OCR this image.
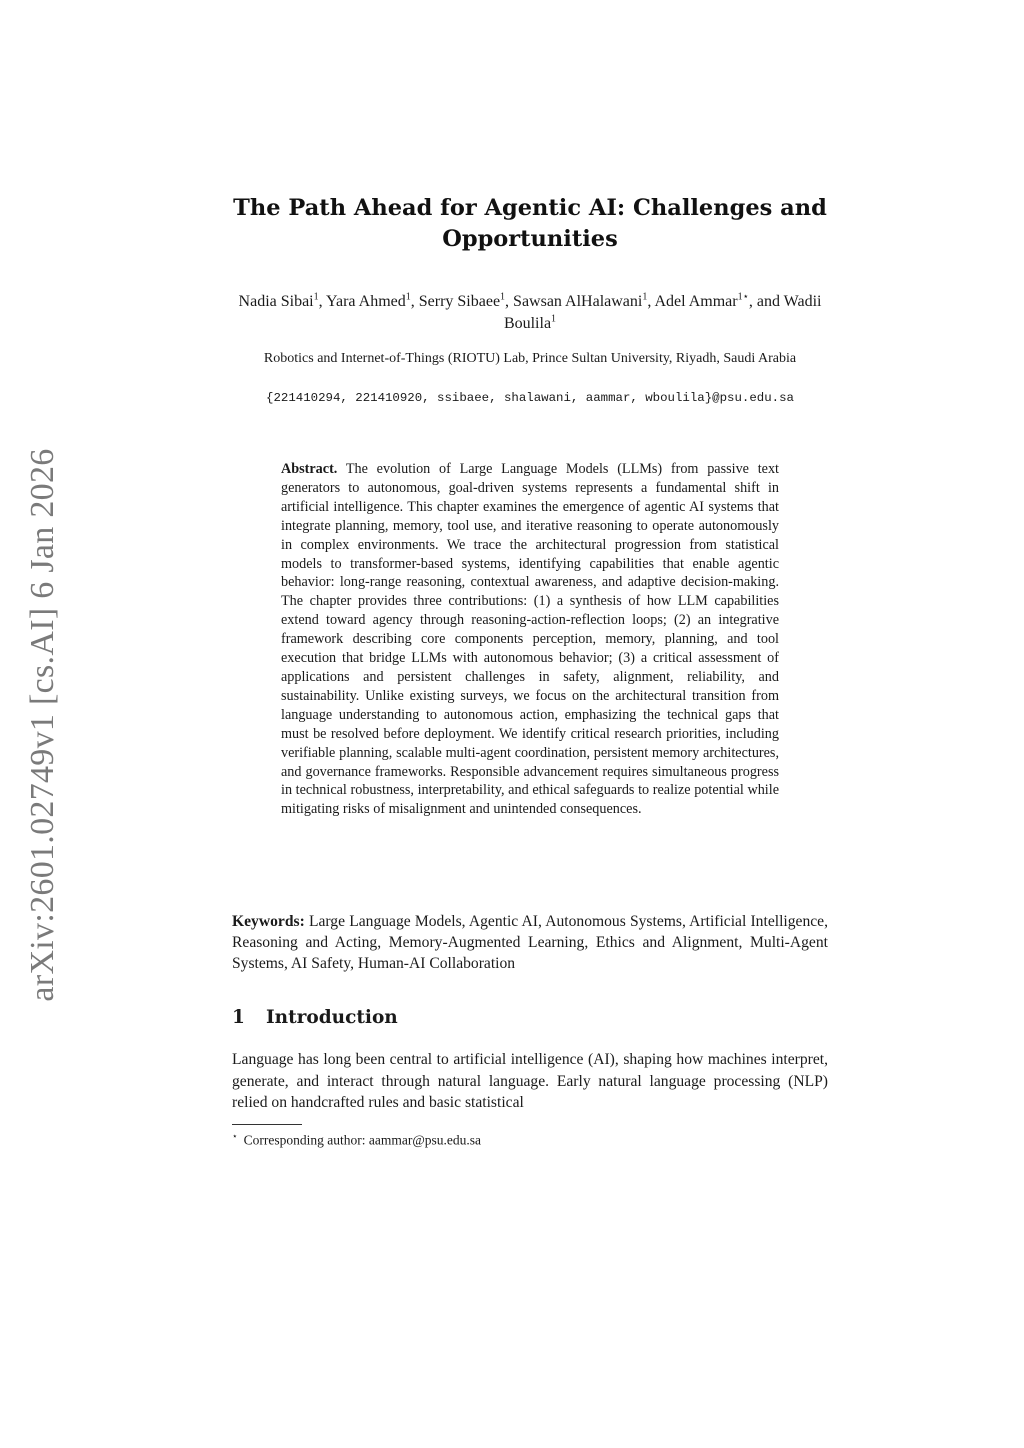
arXiv:2601.02749v1 [cs.AI] 6 Jan 2026
The Path Ahead for Agentic AI: Challenges and Opportunities
Nadia Sibai$^1$, Yara Ahmed$^1$, Serry Sibaee$^1$, Sawsan AlHalawani$^1$, Adel Ammar$^{1⋆}$, and Wadii Boulila$^1$
Robotics and Internet-of-Things (RIOTU) Lab, Prince Sultan University, Riyadh, Saudi Arabia
{221410294, 221410920, ssibaee, shalawani, aammar, wboulila}@psu.edu.sa
Abstract. The evolution of Large Language Models (LLMs) from passive text generators to autonomous, goal-driven systems represents a fundamental shift in artificial intelligence. This chapter examines the emergence of agentic AI systems that integrate planning, memory, tool use, and iterative reasoning to operate autonomously in complex environments. We trace the architectural progression from statistical models to transformer-based systems, identifying capabilities that enable agentic behavior: long-range reasoning, contextual awareness, and adaptive decision-making. The chapter provides three contributions: (1) a synthesis of how LLM capabilities extend toward agency through reasoning-action-reflection loops; (2) an integrative framework describing core components perception, memory, planning, and tool execution that bridge LLMs with autonomous behavior; (3) a critical assessment of applications and persistent challenges in safety, alignment, reliability, and sustainability. Unlike existing surveys, we focus on the architectural transition from language understanding to autonomous action, emphasizing the technical gaps that must be resolved before deployment. We identify critical research priorities, including verifiable planning, scalable multi-agent coordination, persistent memory architectures, and governance frameworks. Responsible advancement requires simultaneous progress in technical robustness, interpretability, and ethical safeguards to realize potential while mitigating risks of misalignment and unintended consequences.
Keywords: Large Language Models, Agentic AI, Autonomous Systems, Artificial Intelligence, Reasoning and Acting, Memory-Augmented Learning, Ethics and Alignment, Multi-Agent Systems, AI Safety, Human-AI Collaboration
1 Introduction
Language has long been central to artificial intelligence (AI), shaping how machines interpret, generate, and interact through natural language. Early natural language processing (NLP) relied on handcrafted rules and basic statistical
⋆ Corresponding author: aammar@psu.edu.sa
